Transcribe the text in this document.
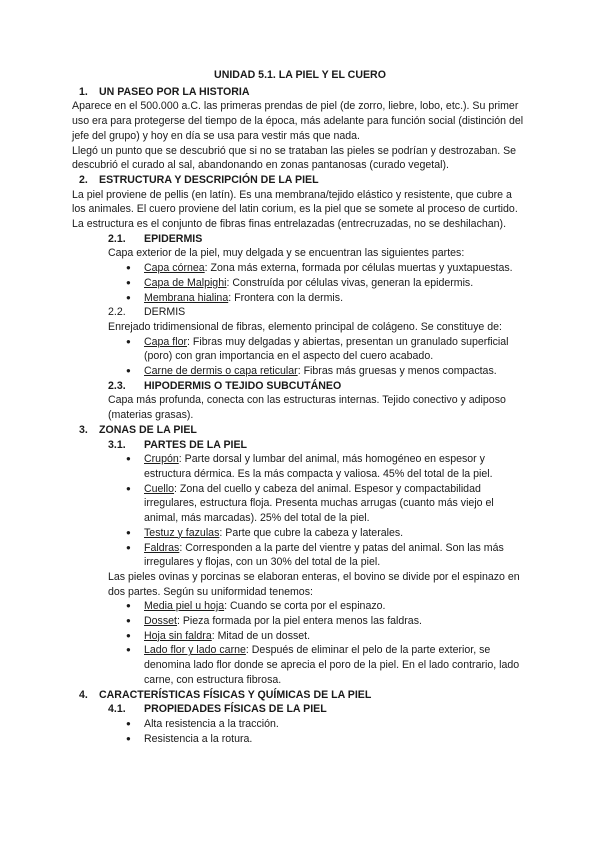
UNIDAD 5.1. LA PIEL Y EL CUERO
1. UN PASEO POR LA HISTORIA

Aparece en el 500.000 a.C. las primeras prendas de piel (de zorro, liebre, lobo, etc.). Su primer uso era para protegerse del tiempo de la época, más adelante para función social (distinción del jefe del grupo) y hoy en día se usa para vestir más que nada.

Llegó un punto que se descubrió que si no se trataban las pieles se podrían y destrozaban. Se descubrió el curado al sal, abandonando en zonas pantanosas (curado vegetal).

2. ESTRUCTURA Y DESCRIPCIÓN DE LA PIEL

La piel proviene de pellis (en latín). Es una membrana/tejido elástico y resistente, que cubre a los animales. El cuero proviene del latin corium, es la piel que se somete al proceso de curtido. La estructura es el conjunto de fibras finas entrelazadas (entrecruzadas, no se deshilachan).

2.1. EPIDERMIS

Capa exterior de la piel, muy delgada y se encuentran las siguientes partes:

● Capa córnea: Zona más externa, formada por células muertas y yuxtapuestas.
● Capa de Malpighi: Construída por células vivas, generan la epidermis.
● Membrana hialina: Frontera con la dermis.
2.2. DERMIS

Enrejado tridimensional de fibras, elemento principal de colágeno. Se constituye de:

● Capa flor: Fibras muy delgadas y abiertas, presentan un granulado superficial (poro) con gran importancia en el aspecto del cuero acabado.
● Carne de dermis o capa reticular: Fibras más gruesas y menos compactas.
2.3. HIPODERMIS O TEJIDO SUBCUTÁNEO

Capa más profunda, conecta con las estructuras internas. Tejido conectivo y adiposo (materias grasas).

3. ZONAS DE LA PIEL
3.1. PARTES DE LA PIEL
● Crupón: Parte dorsal y lumbar del animal, más homogéneo en espesor y estructura dérmica. Es la más compacta y valiosa. 45% del total de la piel.
● Cuello: Zona del cuello y cabeza del animal. Espesor y compactabilidad irregulares, estructura floja. Presenta muchas arrugas (cuanto más viejo el animal, más marcadas). 25% del total de la piel.
● Testuz y fazulas: Parte que cubre la cabeza y laterales.
● Faldras: Corresponden a la parte del vientre y patas del animal. Son las más irregulares y flojas, con un 30% del total de la piel.

Las pieles ovinas y porcinas se elaboran enteras, el bovino se divide por el espinazo en dos partes. Según su uniformidad tenemos:

● Media piel u hoja: Cuando se corta por el espinazo.
● Dosset: Pieza formada por la piel entera menos las faldras.
● Hoja sin faldra: Mitad de un dosset.
● Lado flor y lado carne: Después de eliminar el pelo de la parte exterior, se denomina lado flor donde se aprecia el poro de la piel. En el lado contrario, lado carne, con estructura fibrosa.
4. CARACTERÍSTICAS FÍSICAS Y QUÍMICAS DE LA PIEL
4.1. PROPIEDADES FÍSICAS DE LA PIEL
● Alta resistencia a la tracción.
● Resistencia a la rotura.
